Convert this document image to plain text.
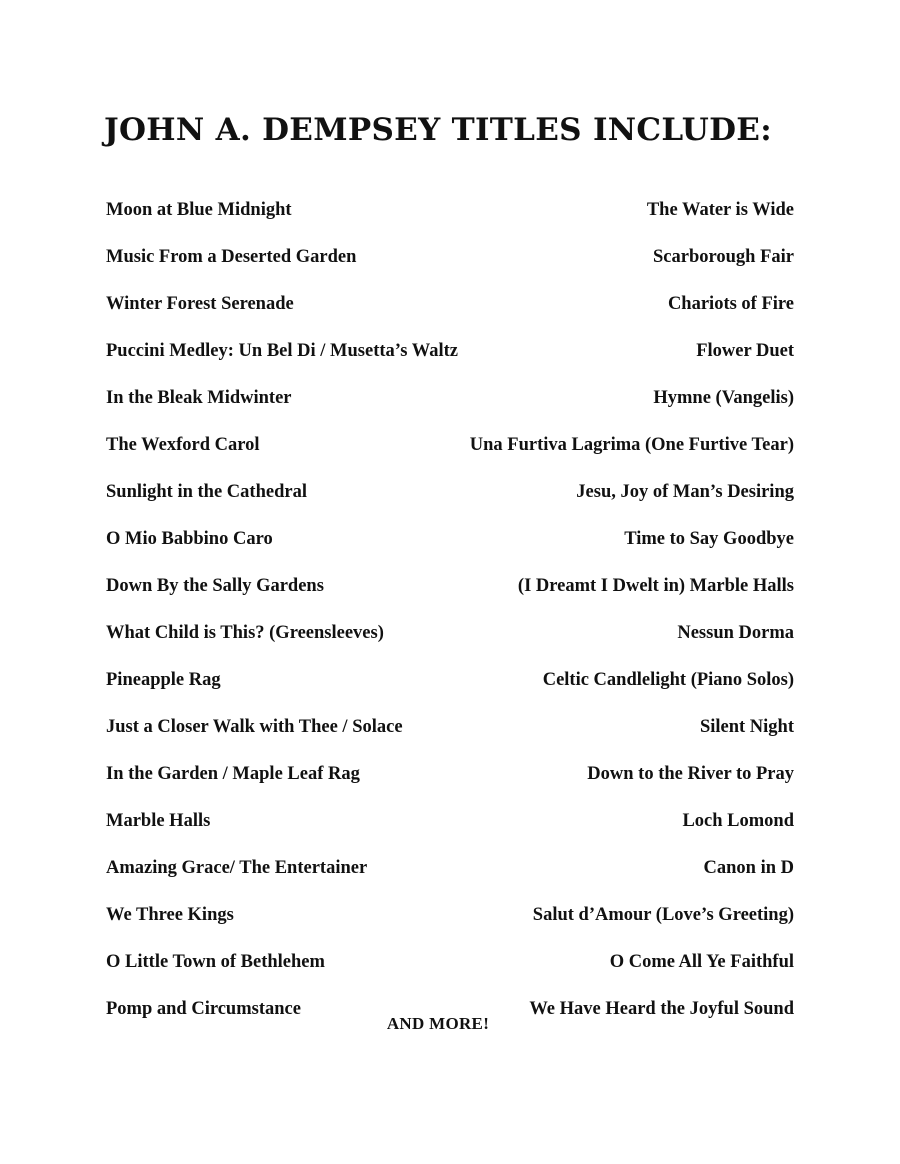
JOHN A. DEMPSEY TITLES INCLUDE:
Moon at Blue Midnight	The Water is Wide
Music From a Deserted Garden	Scarborough Fair
Winter Forest Serenade	Chariots of Fire
Puccini Medley: Un Bel Di / Musetta’s Waltz	Flower Duet
In the Bleak Midwinter	Hymne (Vangelis)
The Wexford Carol	Una Furtiva Lagrima (One Furtive Tear)
Sunlight in the Cathedral	Jesu, Joy of Man’s Desiring
O Mio Babbino Caro	Time to Say Goodbye
Down By the Sally Gardens	(I Dreamt I Dwelt in) Marble Halls
What Child is This? (Greensleeves)	Nessun Dorma
Pineapple Rag	Celtic Candlelight (Piano Solos)
Just a Closer Walk with Thee / Solace	Silent Night
In the Garden / Maple Leaf Rag	Down to the River to Pray
Marble Halls	Loch Lomond
Amazing Grace/ The Entertainer	Canon in D
We Three Kings	Salut d’Amour (Love’s Greeting)
O Little Town of Bethlehem	O Come All Ye Faithful
Pomp and Circumstance	We Have Heard the Joyful Sound
AND MORE!
